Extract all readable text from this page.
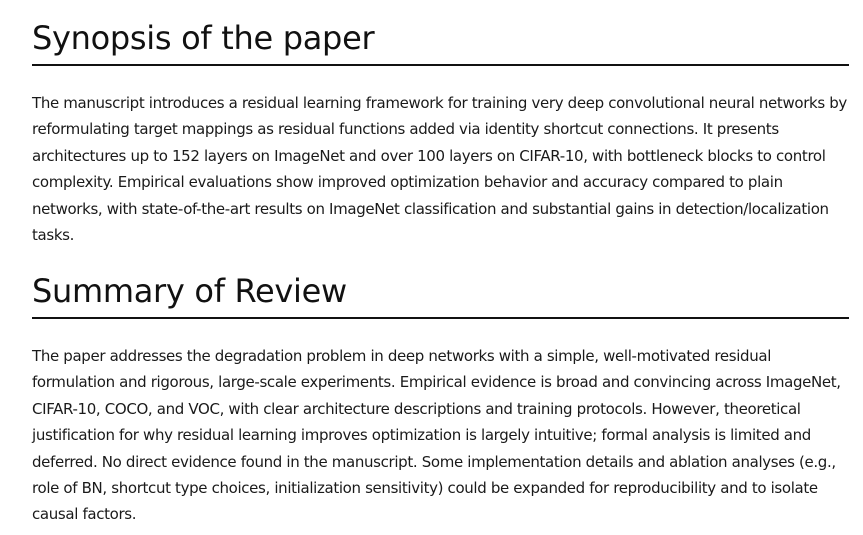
Synopsis of the paper

The manuscript introduces a residual learning framework for training very deep convolutional neural networks by reformulating target mappings as residual functions added via identity shortcut connections. It presents architectures up to 152 layers on ImageNet and over 100 layers on CIFAR-10, with bottleneck blocks to control complexity. Empirical evaluations show improved optimization behavior and accuracy compared to plain networks, with state-of-the-art results on ImageNet classification and substantial gains in detection/localization tasks.

Summary of Review

The paper addresses the degradation problem in deep networks with a simple, well-motivated residual formulation and rigorous, large-scale experiments. Empirical evidence is broad and convincing across ImageNet, CIFAR-10, COCO, and VOC, with clear architecture descriptions and training protocols. However, theoretical justification for why residual learning improves optimization is largely intuitive; formal analysis is limited and deferred. No direct evidence found in the manuscript. Some implementation details and ablation analyses (e.g., role of BN, shortcut type choices, initialization sensitivity) could be expanded for reproducibility and to isolate causal factors.
